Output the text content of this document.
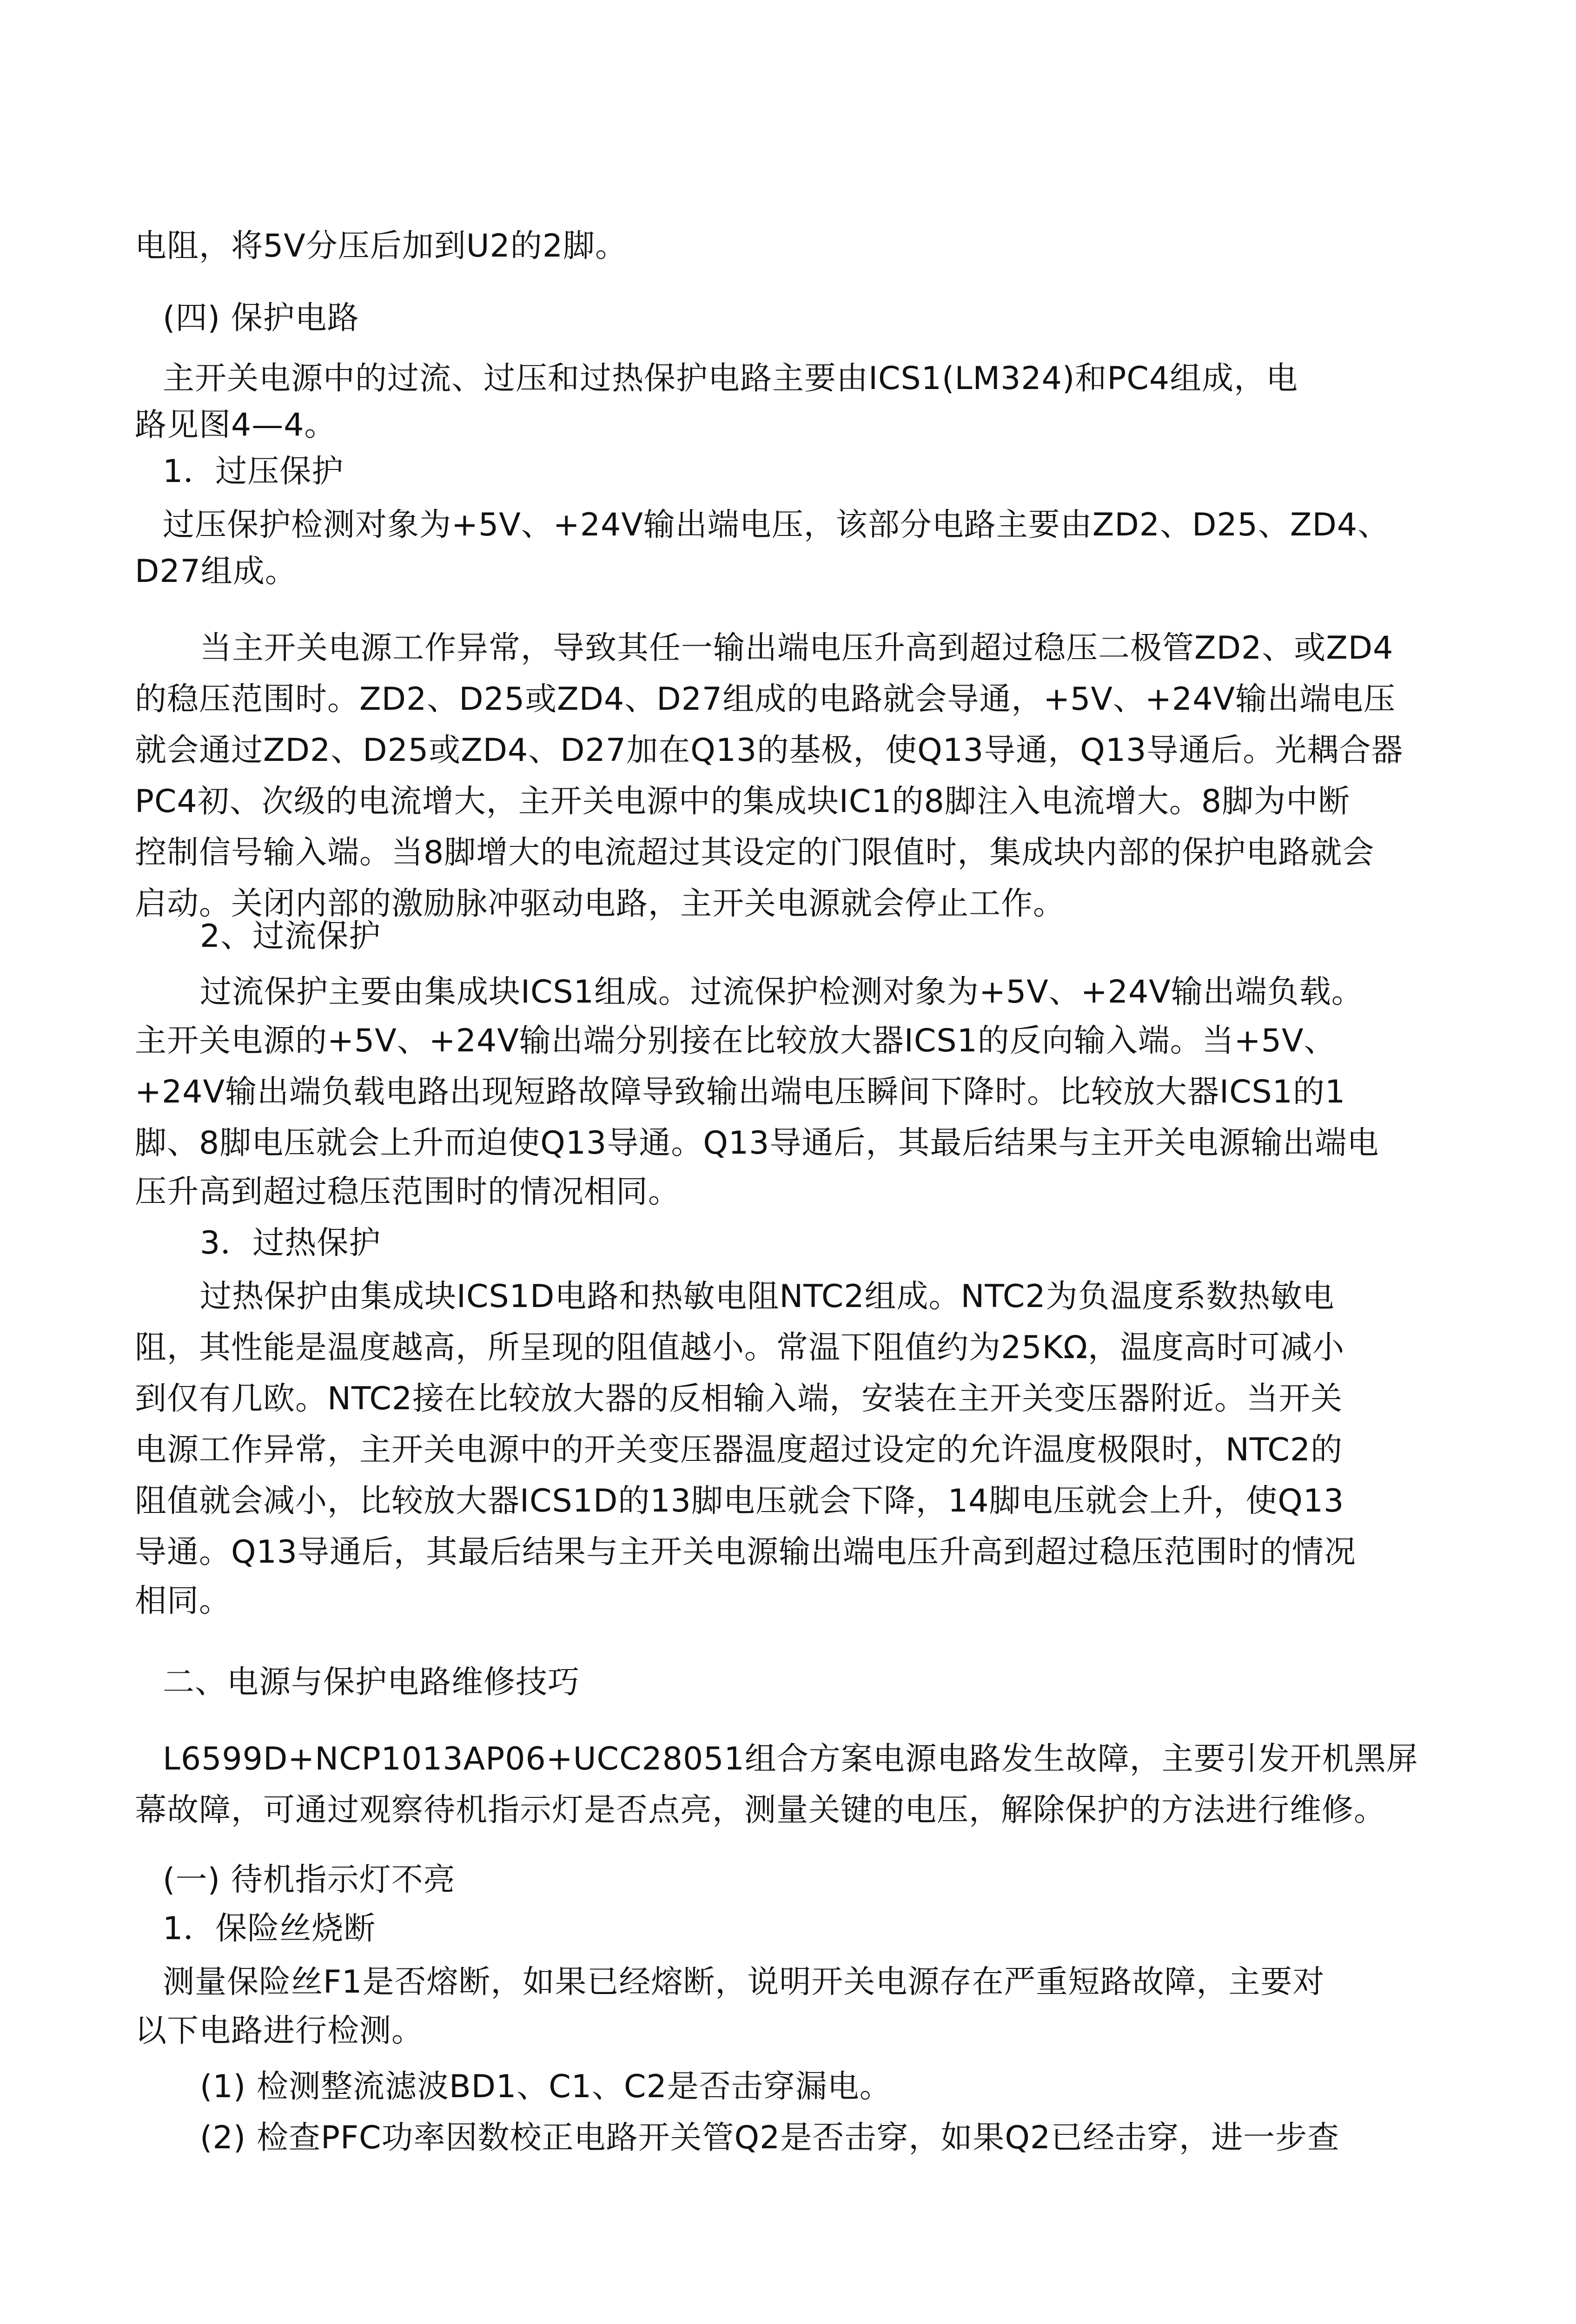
电阻，将5V分压后加到U2的2脚。

(四) 保护电路

主开关电源中的过流、过压和过热保护电路主要由ICS1(LM324)和PC4组成，电

路见图4—4。

1．过压保护

过压保护检测对象为+5V、+24V输出端电压，该部分电路主要由ZD2、D25、ZD4、

D27组成。

当主开关电源工作异常，导致其任一输出端电压升高到超过稳压二极管ZD2、或ZD4

的稳压范围时。ZD2、D25或ZD4、D27组成的电路就会导通，+5V、+24V输出端电压

就会通过ZD2、D25或ZD4、D27加在Q13的基极，使Q13导通，Q13导通后。光耦合器

PC4初、次级的电流增大，主开关电源中的集成块IC1的8脚注入电流增大。8脚为中断

控制信号输入端。当8脚增大的电流超过其设定的门限值时，集成块内部的保护电路就会

启动。关闭内部的激励脉冲驱动电路，主开关电源就会停止工作。

2、过流保护

过流保护主要由集成块ICS1组成。过流保护检测对象为+5V、+24V输出端负载。

主开关电源的+5V、+24V输出端分别接在比较放大器ICS1的反向输入端。当+5V、

+24V输出端负载电路出现短路故障导致输出端电压瞬间下降时。比较放大器ICS1的1

脚、8脚电压就会上升而迫使Q13导通。Q13导通后，其最后结果与主开关电源输出端电

压升高到超过稳压范围时的情况相同。

3．过热保护

过热保护由集成块ICS1D电路和热敏电阻NTC2组成。NTC2为负温度系数热敏电

阻，其性能是温度越高，所呈现的阻值越小。常温下阻值约为25KΩ，温度高时可减小

到仅有几欧。NTC2接在比较放大器的反相输入端，安装在主开关变压器附近。当开关

电源工作异常，主开关电源中的开关变压器温度超过设定的允许温度极限时，NTC2的

阻值就会减小，比较放大器ICS1D的13脚电压就会下降，14脚电压就会上升，使Q13

导通。Q13导通后，其最后结果与主开关电源输出端电压升高到超过稳压范围时的情况

相同。

二、电源与保护电路维修技巧

L6599D+NCP1013AP06+UCC28051组合方案电源电路发生故障，主要引发开机黑屏

幕故障，可通过观察待机指示灯是否点亮，测量关键的电压，解除保护的方法进行维修。

(一) 待机指示灯不亮

1．保险丝烧断

测量保险丝F1是否熔断，如果已经熔断，说明开关电源存在严重短路故障，主要对

以下电路进行检测。

(1) 检测整流滤波BD1、C1、C2是否击穿漏电。

(2) 检查PFC功率因数校正电路开关管Q2是否击穿，如果Q2已经击穿，进一步查
